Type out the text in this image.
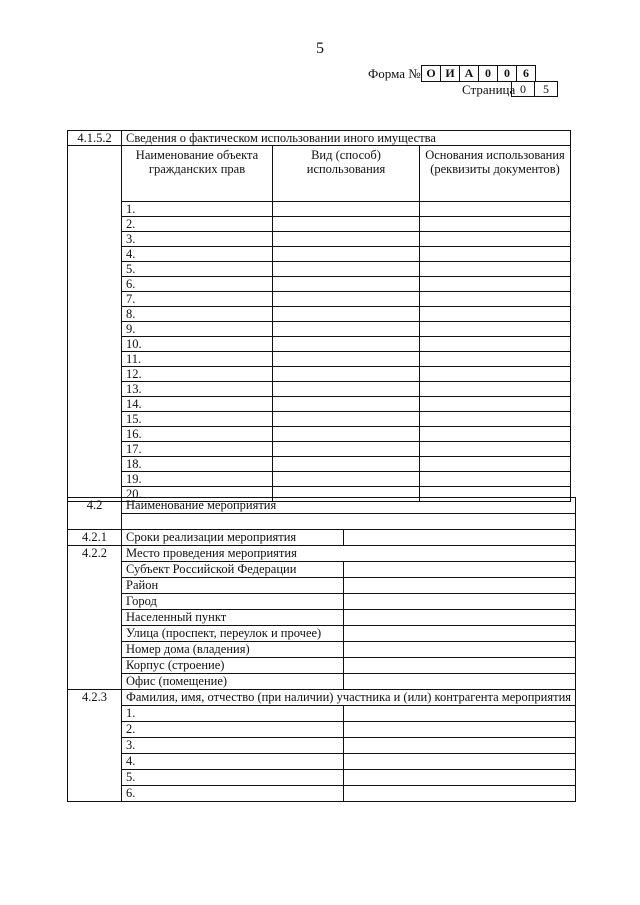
5
Форма № О И А 0	0	6
Страница 0	5
4.1.5.2	Сведения о фактическом использовании иного имущества		
	Наименование объекта гражданских прав	Вид (способ) использования	Основания использования (реквизиты документов)
	1.		
	2.		
	3.		
	4.		
	5.		
	6.		
	7.		
	8.		
	9.		
	10.		
	11.		
	12.		
	13.		
	14.		
	15.		
	16.		
	17.		
	18.		
	19.		
	20.		
4.2	Наименование мероприятия	

4.2.1	Сроки реализации мероприятия	
4.2.2	Место проведения мероприятия	
	Субъект Российской Федерации	
	Район	
	Город	
	Населенный пункт	
	Улица (проспект, переулок и прочее)	
	Номер дома (владения)	
	Корпус (строение)	
	Офис (помещение)	
4.2.3	Фамилия, имя, отчество (при наличии) участника и (или) контрагента мероприятия	
	1.	
	2.	
	3.	
	4.	
	5.	
	6.	
